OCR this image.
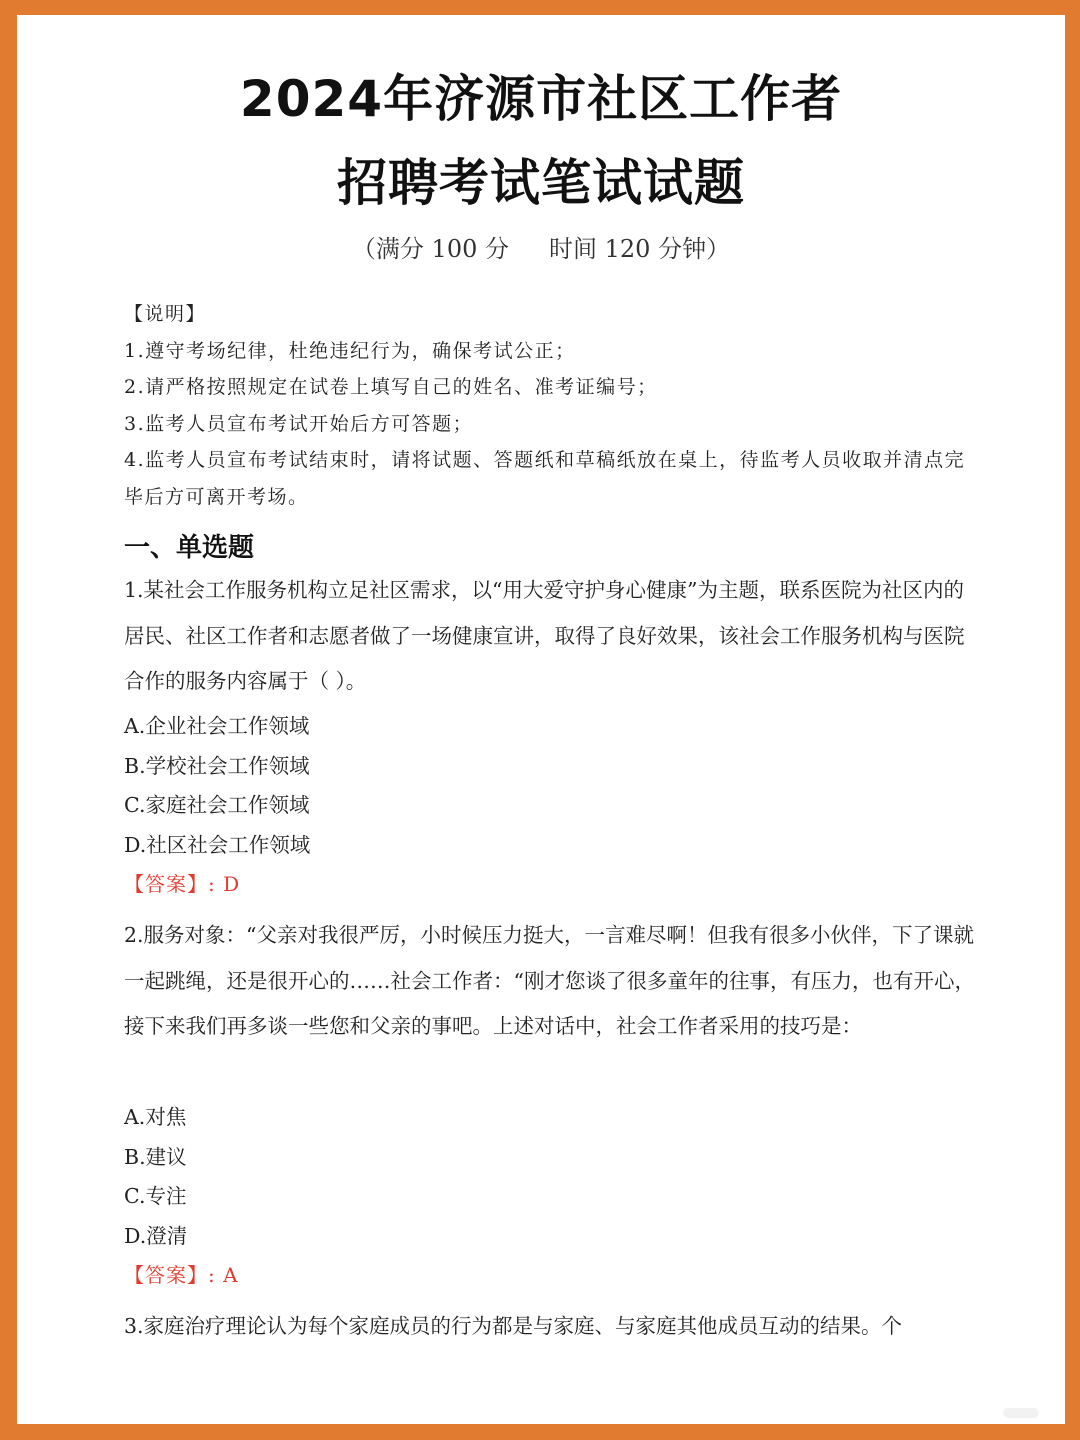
2024年济源市社区工作者
招聘考试笔试试题
（满分 100 分 时间 120 分钟）

【说明】

1.遵守考场纪律，杜绝违纪行为，确保考试公正；

2.请严格按照规定在试卷上填写自己的姓名、准考证编号；

3.监考人员宣布考试开始后方可答题；

4.监考人员宣布考试结束时，请将试题、答题纸和草稿纸放在桌上，待监考人员收取并清点完毕后方可离开考场。

一、单选题

1.某社会工作服务机构立足社区需求，以“用大爱守护身心健康”为主题，联系医院为社区内的居民、社区工作者和志愿者做了一场健康宣讲，取得了良好效果，该社会工作服务机构与医院合作的服务内容属于（ ）。

A.企业社会工作领域

B.学校社会工作领域

C.家庭社会工作领域

D.社区社会工作领域

【答案】: D

2.服务对象：“父亲对我很严厉，小时候压力挺大，一言难尽啊！但我有很多小伙伴，下了课就一起跳绳，还是很开心的……社会工作者：“刚才您谈了很多童年的往事，有压力，也有开心，接下来我们再多谈一些您和父亲的事吧。上述对话中，社会工作者采用的技巧是：

A.对焦

B.建议

C.专注

D.澄清

【答案】: A

3.家庭治疗理论认为每个家庭成员的行为都是与家庭、与家庭其他成员互动的结果。个
